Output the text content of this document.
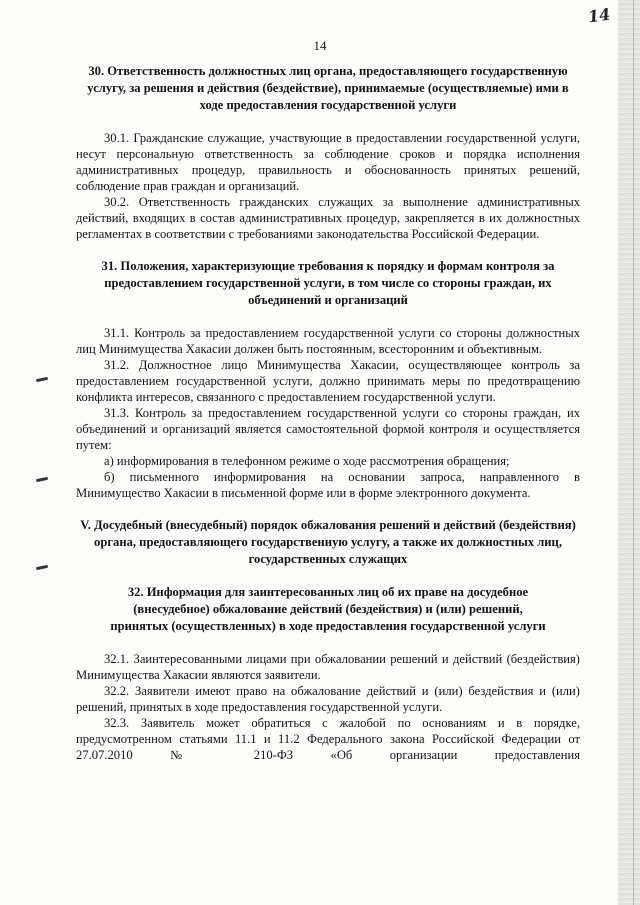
14
14
30. Ответственность должностных лиц органа, предоставляющего государственную услугу, за решения и действия (бездействие), принимаемые (осуществляемые) ими в ходе предоставления государственной услуги

30.1. Гражданские служащие, участвующие в предоставлении государственной услуги, несут персональную ответственность за соблюдение сроков и порядка исполнения административных процедур, правильность и обоснованность принятых решений, соблюдение прав граждан и организаций.

30.2. Ответственность гражданских служащих за выполнение административных действий, входящих в состав административных процедур, закрепляется в их должностных регламентах в соответствии с требованиями законодательства Российской Федерации.

31. Положения, характеризующие требования к порядку и формам контроля за предоставлением государственной услуги, в том числе со стороны граждан, их объединений и организаций

31.1. Контроль за предоставлением государственной услуги со стороны должностных лиц Минимущества Хакасии должен быть постоянным, всесторонним и объективным.

31.2. Должностное лицо Минимущества Хакасии, осуществляющее контроль за предоставлением государственной услуги, должно принимать меры по предотвращению конфликта интересов, связанного с предоставлением государственной услуги.

31.3. Контроль за предоставлением государственной услуги со стороны граждан, их объединений и организаций является самостоятельной формой контроля и осуществляется путем:

а) информирования в телефонном режиме о ходе рассмотрения обращения;

б) письменного информирования на основании запроса, направленного в Минимущество Хакасии в письменной форме или в форме электронного документа.

V. Досудебный (внесудебный) порядок обжалования решений и действий (бездействия) органа, предоставляющего государственную услугу, а также их должностных лиц, государственных служащих
32. Информация для заинтересованных лиц об их праве на досудебное (внесудебное) обжалование действий (бездействия) и (или) решений, принятых (осуществленных) в ходе предоставления государственной услуги

32.1. Заинтересованными лицами при обжаловании решений и действий (бездействия) Минимущества Хакасии являются заявители.

32.2. Заявители имеют право на обжалование действий и (или) бездействия и (или) решений, принятых в ходе предоставления государственной услуги.

32.3. Заявитель может обратиться с жалобой по основаниям и в порядке, предусмотренном статьями 11.1 и 11.2 Федерального закона Российской Федерации от 27.07.2010 № 210-ФЗ «Об организации предоставления
